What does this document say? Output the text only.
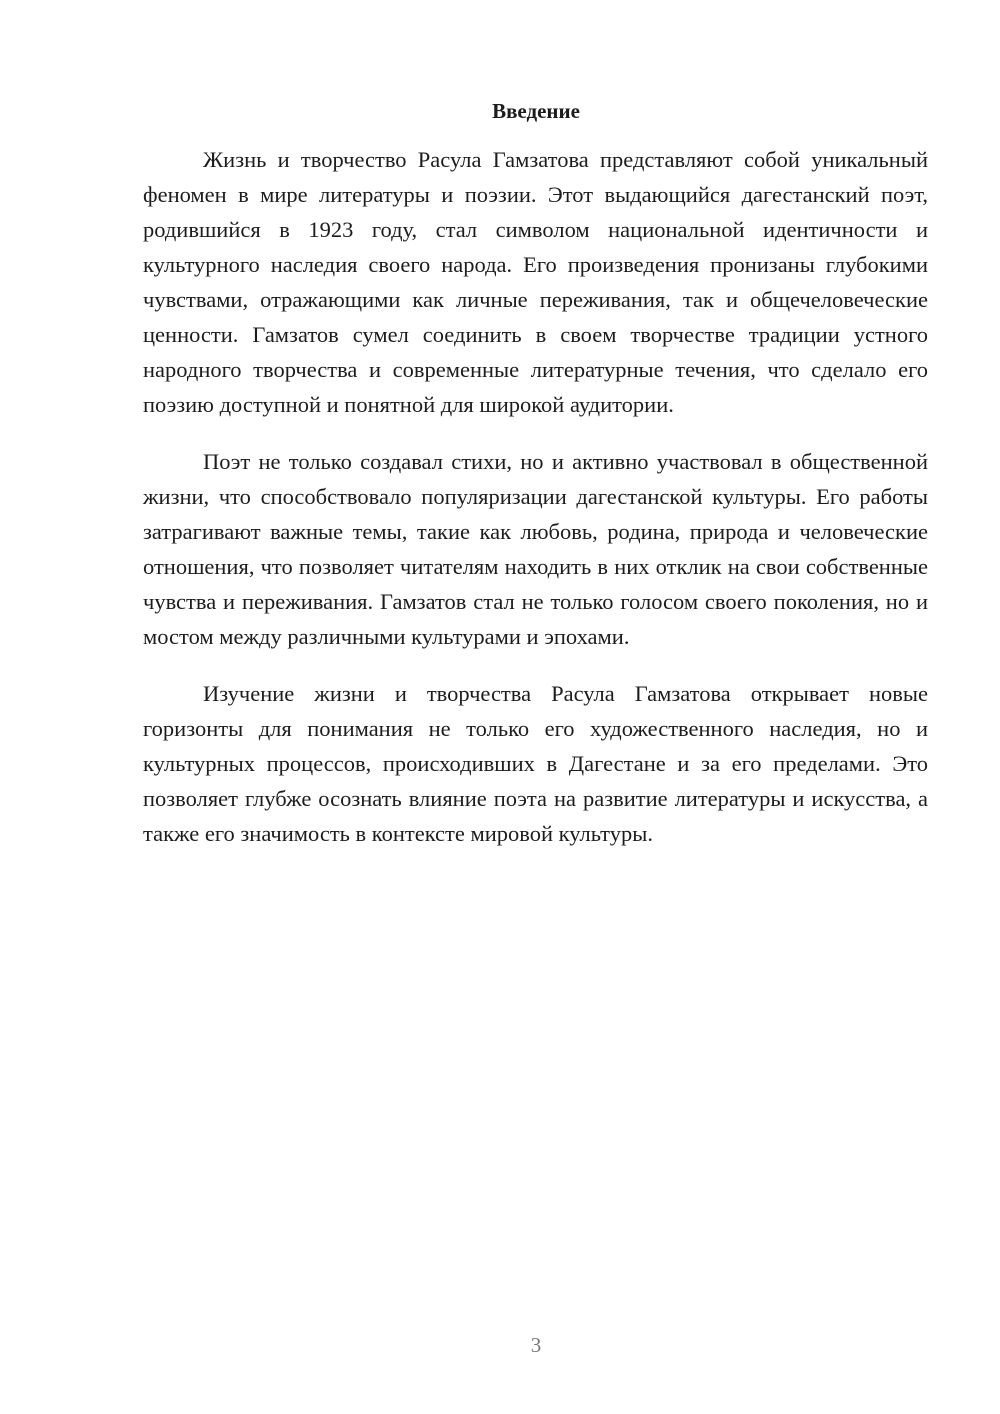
Введение

Жизнь и творчество Расула Гамзатова представляют собой уникальный феномен в мире литературы и поэзии. Этот выдающийся дагестанский поэт, родившийся в 1923 году, стал символом национальной идентичности и культурного наследия своего народа. Его произведения пронизаны глубокими чувствами, отражающими как личные переживания, так и общечеловеческие ценности. Гамзатов сумел соединить в своем творчестве традиции устного народного творчества и современные литературные течения, что сделало его поэзию доступной и понятной для широкой аудитории.

Поэт не только создавал стихи, но и активно участвовал в общественной жизни, что способствовало популяризации дагестанской культуры. Его работы затрагивают важные темы, такие как любовь, родина, природа и человеческие отношения, что позволяет читателям находить в них отклик на свои собственные чувства и переживания. Гамзатов стал не только голосом своего поколения, но и мостом между различными культурами и эпохами.

Изучение жизни и творчества Расула Гамзатова открывает новые горизонты для понимания не только его художественного наследия, но и культурных процессов, происходивших в Дагестане и за его пределами. Это позволяет глубже осознать влияние поэта на развитие литературы и искусства, а также его значимость в контексте мировой культуры.

3
